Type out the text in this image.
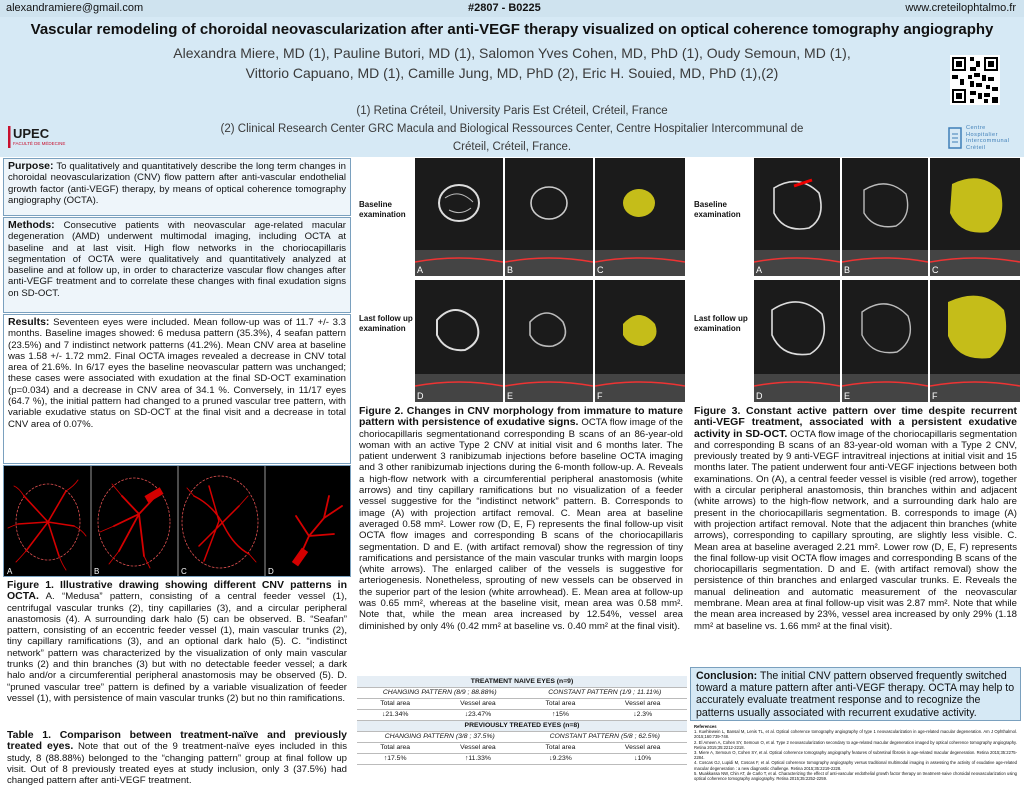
alexandramiere@gmail.com	#2807 - B0225	www.creteilophtalmo.fr
Vascular remodeling of choroidal neovascularization after anti-VEGF therapy visualized on optical coherence tomography angiography
Alexandra Miere, MD (1), Pauline Butori, MD (1), Salomon Yves Cohen, MD, PhD (1), Oudy Semoun, MD (1),
Vittorio Capuano, MD (1), Camille Jung, MD, PhD (2), Eric H. Souied, MD, PhD (1),(2)
(1) Retina Créteil, University Paris Est Créteil, Créteil, France
(2) Clinical Research Center GRC Macula and Biological Ressources Center, Centre Hospitalier Intercommunal de
Créteil, Créteil, France.
UPEC
FACULTÉ DE MÉDECINE
Centre Hospitalier Intercommunal Créteil
Purpose: To qualitatively and quantitatively describe the long term changes in choroidal neovascularization (CNV) flow pattern after anti-vascular endothelial growth factor (anti-VEGF) therapy, by means of optical coherence tomography angiography (OCTA).
Methods: Consecutive patients with neovascular age-related macular degeneration (AMD) underwent multimodal imaging, including OCTA at baseline and at last visit. High flow networks in the choriocapillaris segmentation of OCTA were qualitatively and quantitatively analyzed at baseline and at follow up, in order to characterize vascular flow changes after anti-VEGF treatment and to correlate these changes with final exudation signs on SD-OCT.
Results: Seventeen eyes were included. Mean follow-up was of 11.7 +/- 3.3 months. Baseline images showed: 6 medusa pattern (35.3%), 4 seafan pattern (23.5%) and 7 indistinct network patterns (41.2%). Mean CNV area at baseline was 1.58 +/- 1.72 mm2. Final OCTA images revealed a decrease in CNV total area of 21.6%. In 6/17 eyes the baseline neovascular pattern was unchanged; these cases were associated with exudation at the final SD-OCT examination (p=0.034) and a decrease in CNV area of 34.1 %. Conversely, in 11/17 eyes (64.7 %), the initial pattern had changed to a pruned vascular tree pattern, with variable exudative status on SD-OCT at the final visit and a decrease in total CNV area of 0.07%.
A	B	C	D
Figure 1. Illustrative drawing showing different CNV patterns in OCTA. A. “Medusa” pattern, consisting of a central feeder vessel (1), centrifugal vascular trunks (2), tiny capillaries (3), and a circular peripheral anastomosis (4). A surrounding dark halo (5) can be observed. B. “Seafan” pattern, consisting of an eccentric feeder vessel (1), main vascular trunks (2), tiny capillary ramifications (3), and an optional dark halo (5). C. “indistinct network” pattern was characterized by the visualization of only main vascular trunks (2) and thin branches (3) but with no detectable feeder vessel; a dark halo and/or a circumferential peripheral anastomosis may be observed (5). D. “pruned vascular tree” pattern is defined by a variable visualization of feeder vessel (1), with persistence of main vascular trunks (2) but no thin ramifications.
Table 1. Comparison between treatment-naïve and previously treated eyes. Note that out of the 9 treatment-naïve eyes included in this study, 8 (88.88%) belonged to the “changing pattern” group at final follow up visit. Out of 8 previously treated eyes at study inclusion, only 3 (37.5%) had changed pattern after anti-VEGF treatment.
Baseline examination
Last follow up examination
A	B	C
D	E	F
Baseline examination
Last follow up examination
A	B	C
D	E	F
Figure 2. Changes in CNV morphology from immature to mature pattern with persistence of exudative signs. OCTA flow image of the choriocapillaris segmentationand corresponding B scans of an 86-year-old woman with an active Type 2 CNV at initial visit and 6 months later. The patient underwent 3 ranibizumab injections before baseline OCTA imaging and 3 other ranibizumab injections during the 6-month follow-up. A. Reveals a high-flow network with a circumferential peripheral anastomosis (white arrows) and tiny capillary ramifications but no visualization of a feeder vessel suggestive for the “indistinct network” pattern. B. Corresponds to image (A) with projection artifact removal. C. Mean area at baseline averaged 0.58 mm². Lower row (D, E, F) represents the final follow-up visit OCTA flow images and corresponding B scans of the choriocapillaris segmentation. D and E. (with artifact removal) show the regression of tiny ramifications and persistance of the main vascular trunks with margin loops (white arrows). The enlarged caliber of the vessels is suggestive for arteriogenesis. Nonetheless, sprouting of new vessels can be observed in the superior part of the lesion (white arrowhead). E. Mean area at follow-up was 0.65 mm², whereas at the baseline visit, mean area was 0.58 mm². Note that, while the mean area increased by 12.54%, vessel area diminished by only 4% (0.42 mm² at baseline vs. 0.40 mm² at the final visit).
Figure 3. Constant active pattern over time despite recurrent anti-VEGF treatment, associated with a persistent exudative activity in SD-OCT. OCTA flow image of the choriocapillaris segmentation and corresponding B scans of an 83-year-old woman with a Type 2 CNV, previously treated by 9 anti-VEGF intravitreal injections at initial visit and 15 months later. The patient underwent four anti-VEGF injections between both examinations. On (A), a central feeder vessel is visible (red arrow), together with a circular peripheral anastomosis, thin branches within and adjacent (white arrows) to the high-flow network, and a surrounding dark halo are present in the choriocapillaris segmentation. B. corresponds to image (A) with projection artifact removal. Note that the adjacent thin branches (white arrows), corresponding to capillary sprouting, are slightly less visible. C. Mean area at baseline averaged 2.21 mm². Lower row (D, E, F) represents the final follow-up visit OCTA flow images and corresponding B scans of the choriocapillaris segmentation. D and E. (with artifact removal) show the persistence of thin branches and enlarged vascular trunks. E. Reveals the manual delineation and automatic measurement of the neovascular membrane. Mean area at final follow-up visit was 2.87 mm². Note that while the mean area increased by 23%, vessel area increased by only 29% (1.18 mm² at baseline vs. 1.66 mm² at the final visit).
TREATMENT NAIVE EYES (n=9)			
CHANGING PATTERN (8/9 ; 88.88%)		CONSTANT PATTERN (1/9 ; 11.11%)	
Total area	Vessel area	Total area	Vessel area
↓21.34%	↓23.47%	↑15%	↓2.3%
PREVIOUSLY TREATED EYES (n=8)			
CHANGING PATTERN (3/8 ; 37.5%)		CONSTANT PATTERN (5/8 ; 62.5%)	
Total area	Vessel area	Total area	Vessel area
↑17.5%	↑11.33%	↓9.23%	↓10%
Conclusion: The initial CNV pattern observed frequently switched toward a mature pattern after anti-VEGF therapy. OCTA may help to accurately evaluate treatment response and to recognize the patterns usually associated with recurrent exudative activity.
References
1. Kuehlewein L, Bansal M, Lenis TL, et al. Optical coherence tomography angiography of type 1 neovascularization in age-related macular degeneration. Am J Ophthalmol. 2015;160:739-748.
2. El Ameen A, Cohen SY, Semoun O, et al. Type 2 neovascularization secondary to age-related macular degeneration imaged by optical coherence tomography angiography. Retina 2015;35:2212-2218.
3. Miere A, Semoun O, Cohen SY, et al. Optical coherence tomography angiography features of subretinal fibrosis in age-related macular degeneration. Retina 2015;35:2275-2284.
4. Coscas GJ, Lupidi M, Coscas F, et al. Optical coherence tomography angiography versus traditional multimodal imaging in assessing the activity of exudative age-related macular degeneration : a new diagnostic challenge. Retina 2015;35:2219-2228.
5. Muakkassa NW, Chin AT, de Carlo T, et al. Characterizing the effect of anti-vascular endothelial growth factor therapy on treatment-naive choroidal neovascularization using optical coherence tomography angiography. Retina 2015;35:2252-2259.
